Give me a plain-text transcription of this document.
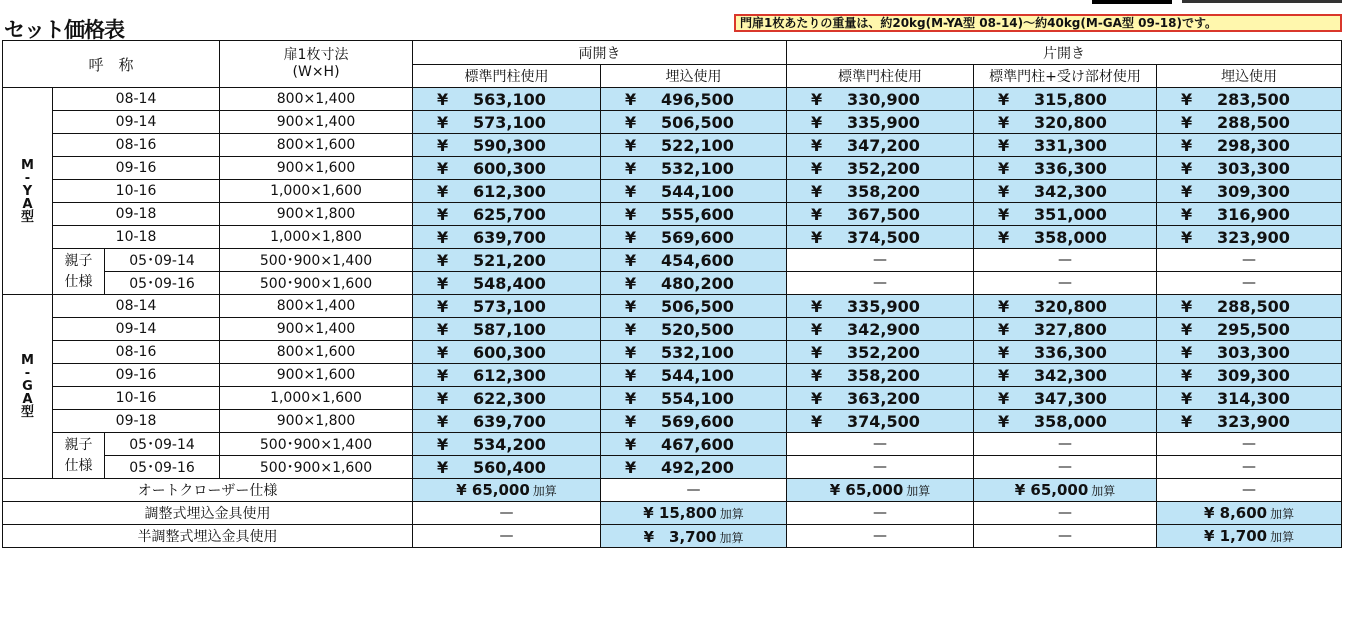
セット価格表	門扉1枚あたりの重量は、約20kg(M-YA型 08-14)～約40kg(M-GA型 09-18)です。
呼　称			扉1枚寸法
(W×H)	両開き		片開き		
				標準門柱使用	埋込使用	標準門柱使用	標準門柱+受け部材使用	埋込使用
M
-
Y
A
型	08-14		800×1,400	¥ 563,100	¥ 496,500	¥ 330,900	¥ 315,800	¥ 283,500
	09-14		900×1,400	¥ 573,100	¥ 506,500	¥ 335,900	¥ 320,800	¥ 288,500
	08-16		800×1,600	¥ 590,300	¥ 522,100	¥ 347,200	¥ 331,300	¥ 298,300
	09-16		900×1,600	¥ 600,300	¥ 532,100	¥ 352,200	¥ 336,300	¥ 303,300
	10-16		1,000×1,600	¥ 612,300	¥ 544,100	¥ 358,200	¥ 342,300	¥ 309,300
	09-18		900×1,800	¥ 625,700	¥ 555,600	¥ 367,500	¥ 351,000	¥ 316,900
	10-18		1,000×1,800	¥ 639,700	¥ 569,600	¥ 374,500	¥ 358,000	¥ 323,900
	親子
仕様	05･09-14	500･900×1,400	¥ 521,200	¥ 454,600	—	—	—
		05･09-16	500･900×1,600	¥ 548,400	¥ 480,200	—	—	—
M
-
G
A
型	08-14		800×1,400	¥ 573,100	¥ 506,500	¥ 335,900	¥ 320,800	¥ 288,500
	09-14		900×1,400	¥ 587,100	¥ 520,500	¥ 342,900	¥ 327,800	¥ 295,500
	08-16		800×1,600	¥ 600,300	¥ 532,100	¥ 352,200	¥ 336,300	¥ 303,300
	09-16		900×1,600	¥ 612,300	¥ 544,100	¥ 358,200	¥ 342,300	¥ 309,300
	10-16		1,000×1,600	¥ 622,300	¥ 554,100	¥ 363,200	¥ 347,300	¥ 314,300
	09-18		900×1,800	¥ 639,700	¥ 569,600	¥ 374,500	¥ 358,000	¥ 323,900
	親子
仕様	05･09-14	500･900×1,400	¥ 534,200	¥ 467,600	—	—	—
		05･09-16	500･900×1,600	¥ 560,400	¥ 492,200	—	—	—
オートクローザー仕様				¥ 65,000 加算	—	¥ 65,000 加算	¥ 65,000 加算	—
調整式埋込金具使用				—	¥ 15,800 加算	—	—	¥ 8,600 加算
半調整式埋込金具使用				—	¥　3,700 加算	—	—	¥ 1,700 加算
